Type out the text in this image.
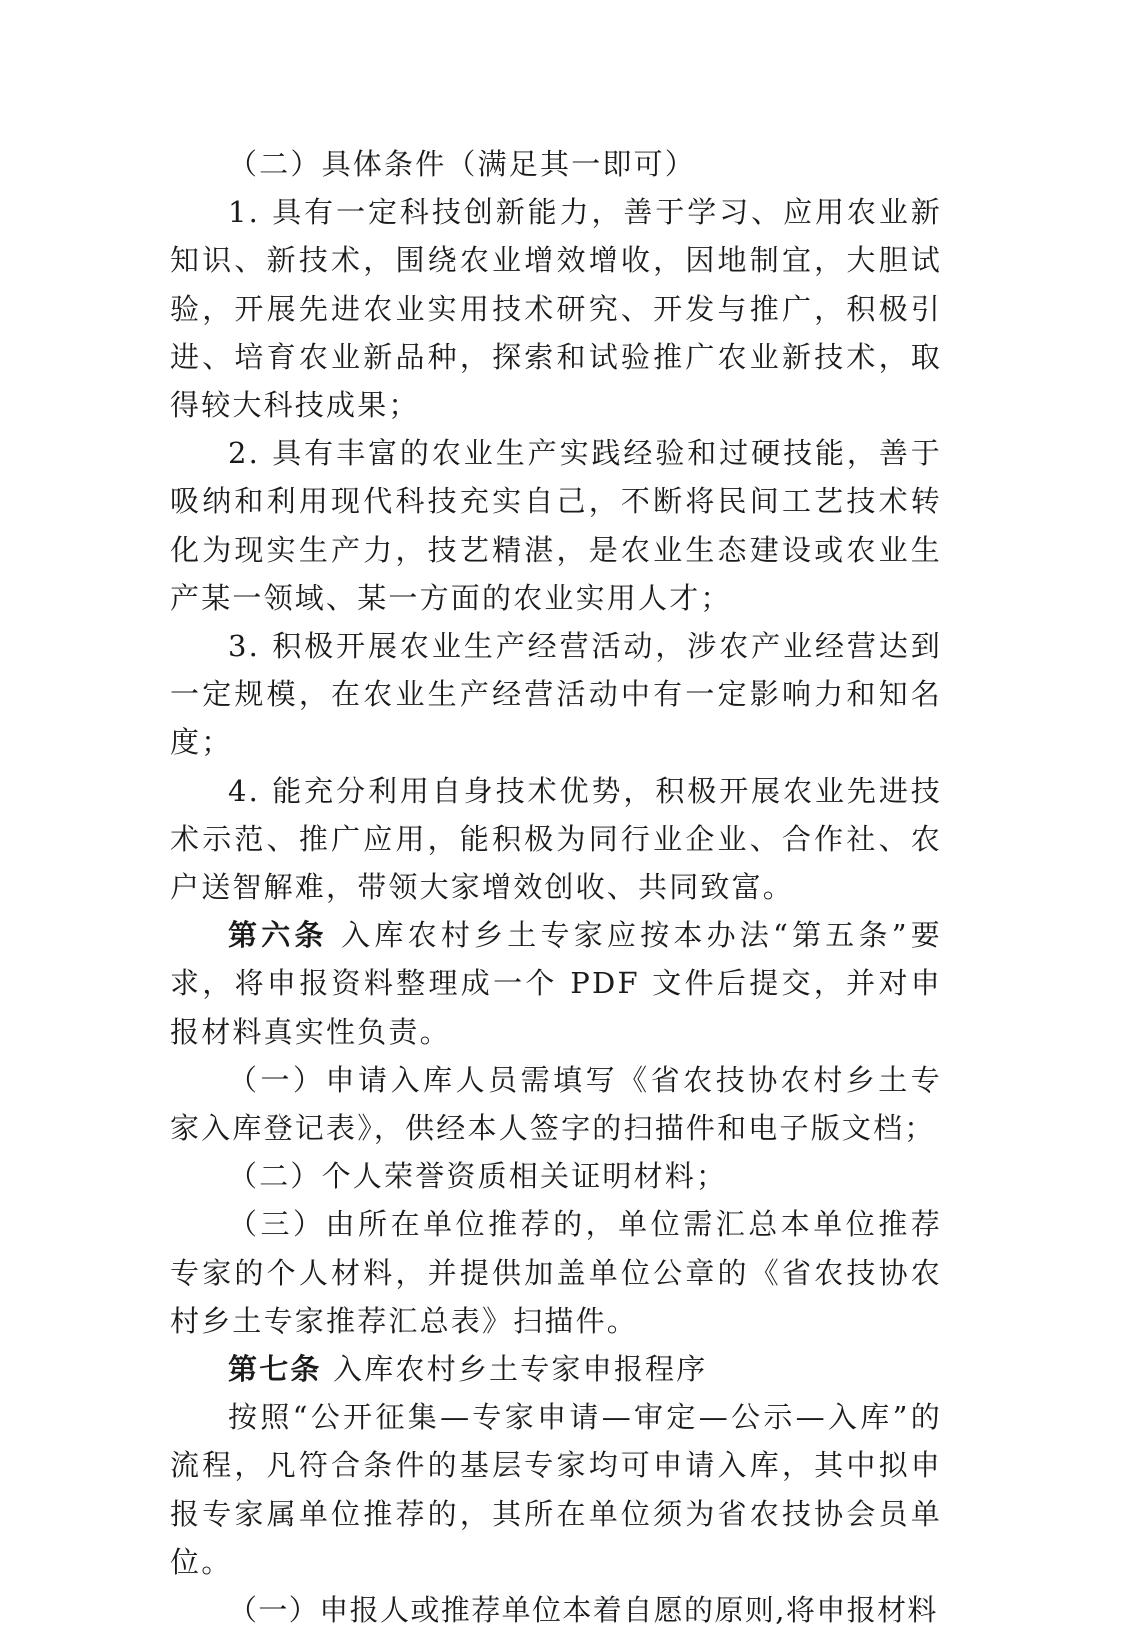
（二）具体条件（满足其一即可）

1. 具有一定科技创新能力，善于学习、应用农业新知识、新技术，围绕农业增效增收，因地制宜，大胆试验，开展先进农业实用技术研究、开发与推广，积极引进、培育农业新品种，探索和试验推广农业新技术，取得较大科技成果；

2. 具有丰富的农业生产实践经验和过硬技能，善于吸纳和利用现代科技充实自己，不断将民间工艺技术转化为现实生产力，技艺精湛，是农业生态建设或农业生产某一领域、某一方面的农业实用人才；

3. 积极开展农业生产经营活动，涉农产业经营达到一定规模，在农业生产经营活动中有一定影响力和知名度；

4. 能充分利用自身技术优势，积极开展农业先进技术示范、推广应用，能积极为同行业企业、合作社、农户送智解难，带领大家增效创收、共同致富。

第六条 入库农村乡土专家应按本办法“第五条”要求，将申报资料整理成一个 PDF 文件后提交，并对申报材料真实性负责。

（一）申请入库人员需填写《省农技协农村乡土专家入库登记表》，供经本人签字的扫描件和电子版文档；

（二）个人荣誉资质相关证明材料；

（三）由所在单位推荐的，单位需汇总本单位推荐专家的个人材料，并提供加盖单位公章的《省农技协农村乡土专家推荐汇总表》扫描件。

第七条 入库农村乡土专家申报程序

按照“公开征集—专家申请—审定—公示—入库”的流程，凡符合条件的基层专家均可申请入库，其中拟申报专家属单位推荐的，其所在单位须为省农技协会员单位。

（一）申报人或推荐单位本着自愿的原则,将申报材料
